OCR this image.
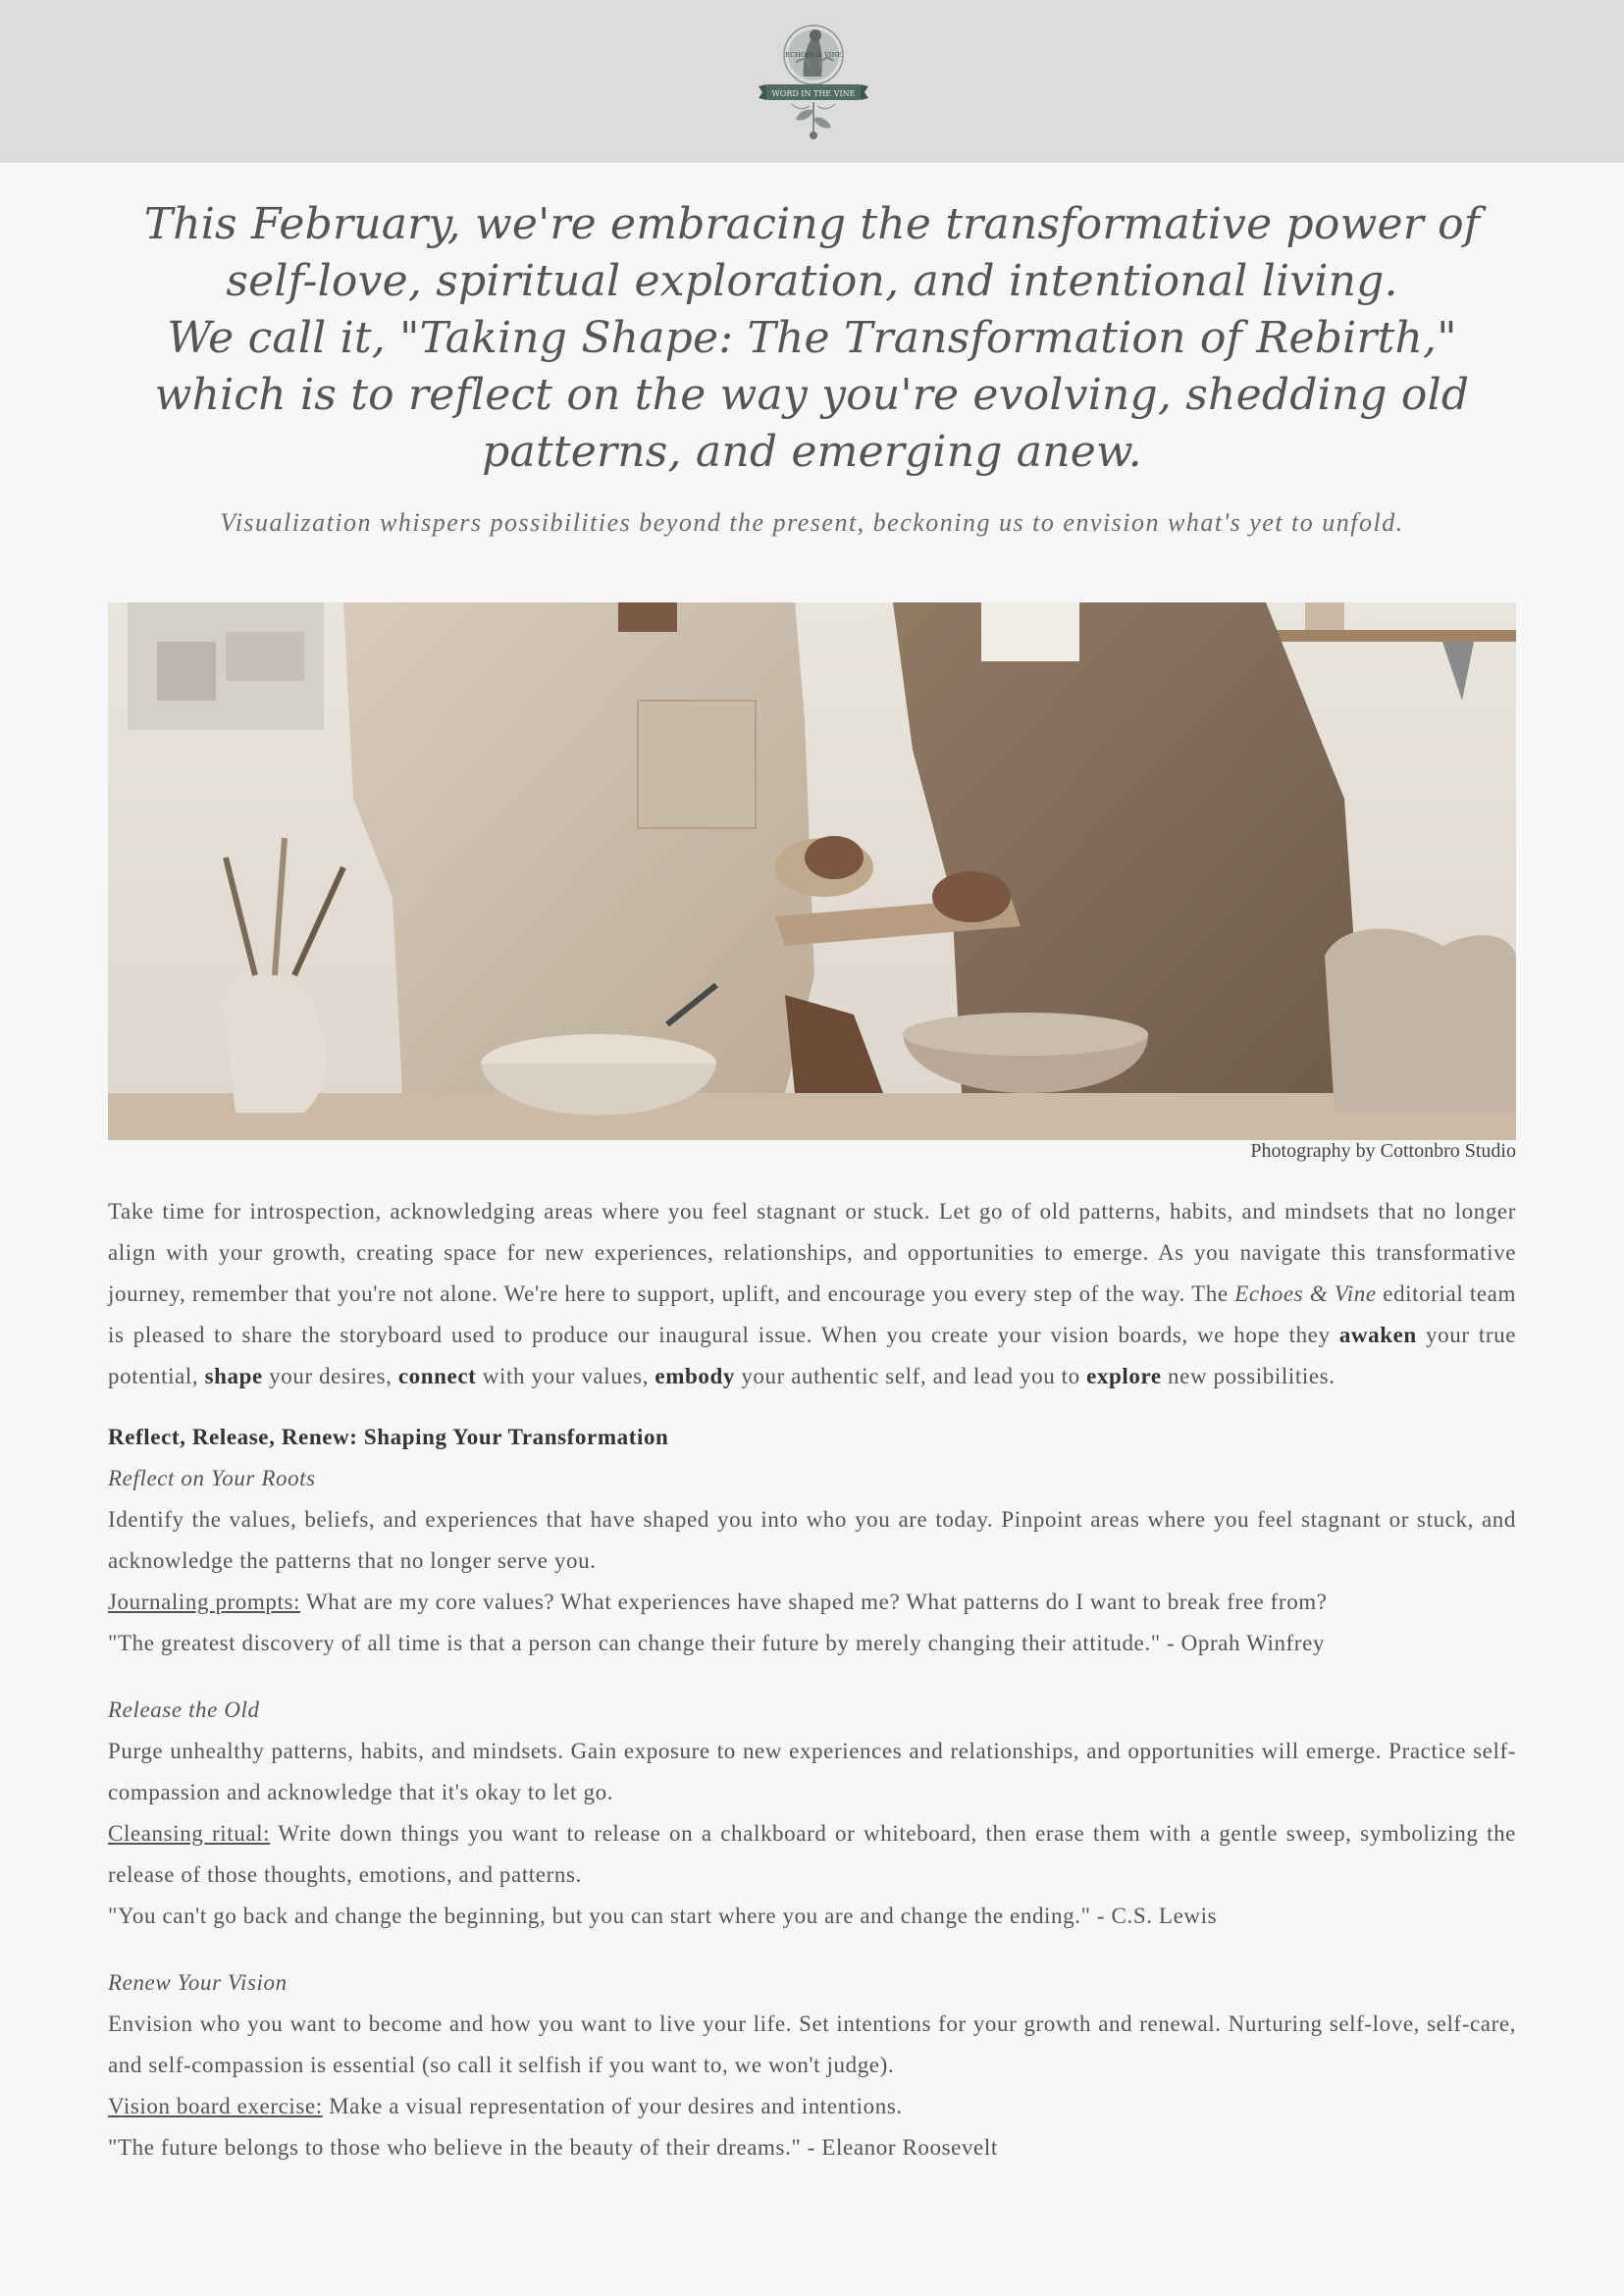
WORD IN THE VINE
ECHOES & VINE
This February, we're embracing the transformative power of
self-love, spiritual exploration, and intentional living.
We call it, "Taking Shape: The Transformation of Rebirth,"
which is to reflect on the way you're evolving, shedding old
patterns, and emerging anew.
Visualization whispers possibilities beyond the present, beckoning us to envision what's yet to unfold.
Photography by Cottonbro Studio

Take time for introspection, acknowledging areas where you feel stagnant or stuck. Let go of old patterns, habits, and mindsets that no longer align with your growth, creating space for new experiences, relationships, and opportunities to emerge. As you navigate this transformative journey, remember that you're not alone. We're here to support, uplift, and encourage you every step of the way. The Echoes & Vine editorial team is pleased to share the storyboard used to produce our inaugural issue. When you create your vision boards, we hope they awaken your true potential, shape your desires, connect with your values, embody your authentic self, and lead you to explore new possibilities.

Reflect, Release, Renew: Shaping Your Transformation
Reflect on Your Roots

Identify the values, beliefs, and experiences that have shaped you into who you are today. Pinpoint areas where you feel stagnant or stuck, and acknowledge the patterns that no longer serve you.

Journaling prompts: What are my core values? What experiences have shaped me? What patterns do I want to break free from?

"The greatest discovery of all time is that a person can change their future by merely changing their attitude." - Oprah Winfrey

Release the Old

Purge unhealthy patterns, habits, and mindsets. Gain exposure to new experiences and relationships, and opportunities will emerge. Practice self-compassion and acknowledge that it's okay to let go.

Cleansing ritual: Write down things you want to release on a chalkboard or whiteboard, then erase them with a gentle sweep, symbolizing the release of those thoughts, emotions, and patterns.

"You can't go back and change the beginning, but you can start where you are and change the ending." - C.S. Lewis

Renew Your Vision

Envision who you want to become and how you want to live your life. Set intentions for your growth and renewal. Nurturing self-love, self-care, and self-compassion is essential (so call it selfish if you want to, we won't judge).

Vision board exercise: Make a visual representation of your desires and intentions.

"The future belongs to those who believe in the beauty of their dreams." - Eleanor Roosevelt
